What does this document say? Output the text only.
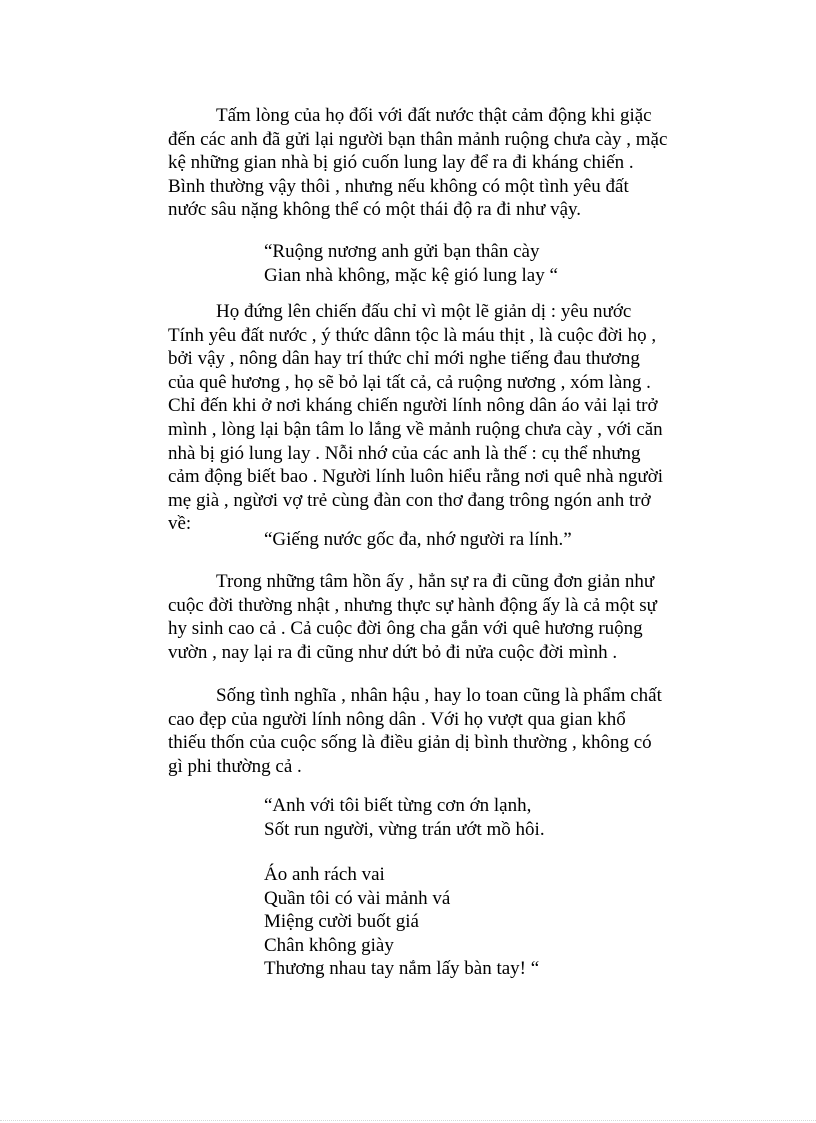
Tấm lòng của họ đối với đất nước thật cảm động khi giặc đến các anh đã gửi lại người bạn thân mảnh ruộng chưa cày , mặc kệ những gian nhà bị gió cuốn lung lay để ra đi kháng chiến . Bình thường vậy thôi , nhưng nếu không có một tình yêu đất nước sâu nặng không thể có một thái độ ra đi như vậy.

“Ruộng nương anh gửi bạn thân cày
Gian nhà không, mặc kệ gió lung lay “

Họ đứng lên chiến đấu chỉ vì một lẽ giản dị : yêu nước Tính yêu đất nước , ý thức dânn tộc là máu thịt , là cuộc đời họ , bởi vậy , nông dân hay trí thức chỉ mới nghe tiếng đau thương của quê hương , họ sẽ bỏ lại tất cả, cả ruộng nương , xóm làng . Chỉ đến khi ở nơi kháng chiến người lính nông dân áo vải lại trở mình , lòng lại bận tâm lo lắng về mảnh ruộng chưa cày , với căn nhà bị gió lung lay . Nỗi nhớ của các anh là thế : cụ thể nhưng cảm động biết bao . Người lính luôn hiểu rằng nơi quê nhà người mẹ già , ngừơi vợ trẻ cùng đàn con thơ đang trông ngón anh trở về:

“Giếng nước gốc đa, nhớ người ra lính.”

Trong những tâm hồn ấy , hẳn sự ra đi cũng đơn giản như cuộc đời thường nhật , nhưng thực sự hành động ấy là cả một sự hy sinh cao cả . Cả cuộc đời ông cha gắn với quê hương ruộng vườn , nay lại ra đi cũng như dứt bỏ đi nửa cuộc đời mình .

Sống tình nghĩa , nhân hậu , hay lo toan cũng là phẩm chất cao đẹp của người lính nông dân . Với họ vượt qua gian khổ thiếu thốn của cuộc sống là điều giản dị bình thường , không có gì phi thường cả .

“Anh với tôi biết từng cơn ớn lạnh,
Sốt run người, vừng trán ướt mồ hôi.
Áo anh rách vai
Quần tôi có vài mảnh vá
Miệng cười buốt giá
Chân không giày
Thương nhau tay nắm lấy bàn tay! “
